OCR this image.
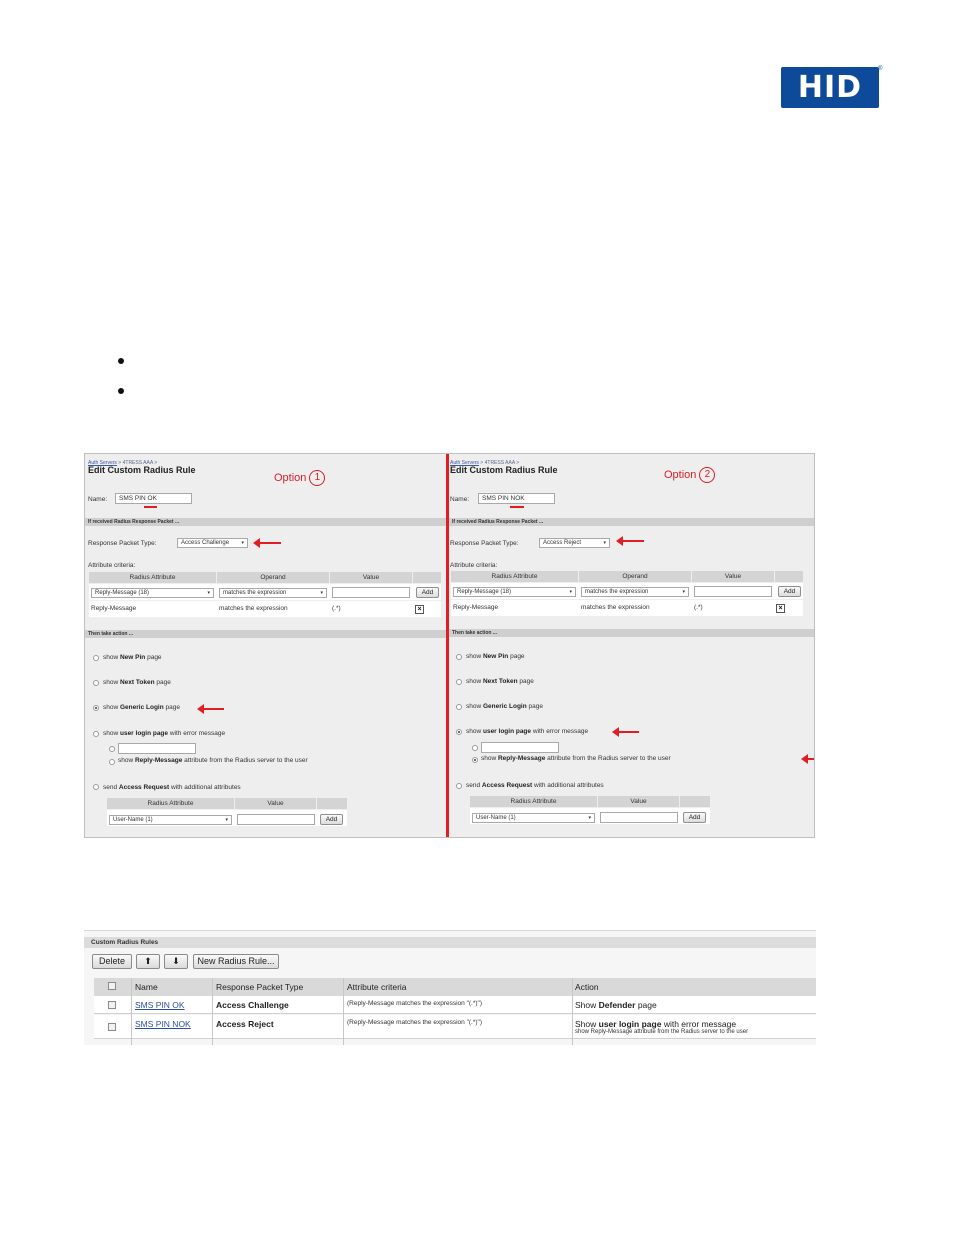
HID
®
Auth Servers > 4TRESS AAA >
Edit Custom Radius Rule
Option 1
Name:	SMS PIN OK
If received Radius Response Packet ...
Response Packet Type:	Access Challenge ▾
Attribute criteria:
Radius Attribute	Operand	Value
Reply-Message (18)	▾	matches the expression	▾	Add
Reply-Message	matches the expression	(.*)	×
Then take action ...
show New Pin page
show Next Token page
show Generic Login page
show user login page with error message
show Reply-Message attribute from the Radius server to the user
send Access Request with additional attributes
Radius Attribute	Value
User-Name (1)	▾	Add
Auth Servers > 4TRESS AAA >
Edit Custom Radius Rule	Option 2
Name:	SMS PIN NOK
If received Radius Response Packet ...
Response Packet Type:	Access Reject	▾
Attribute criteria:
Radius Attribute	Operand	Value
Reply-Message (18)	▾	matches the expression	▾	Add
Reply-Message	matches the expression	(.*)	×
Then take action ...
show New Pin page
show Next Token page
show Generic Login page
show user login page with error message
show Reply-Message attribute from the Radius server to the user
send Access Request with additional attributes
Radius Attribute	Value
User-Name (1)	▾	Add
Custom Radius Rules
Delete	⬆	⬇	New Radius Rule...
Name	Response Packet Type	Attribute criteria	Action
SMS PIN OK	Access Challenge	(Reply-Message matches the expression "(.*)")	Show Defender page
SMS PIN NOK	Access Reject	(Reply-Message matches the expression "(.*)")	Show user login page with error message
show Reply-Message attribute from the Radius server to the user
